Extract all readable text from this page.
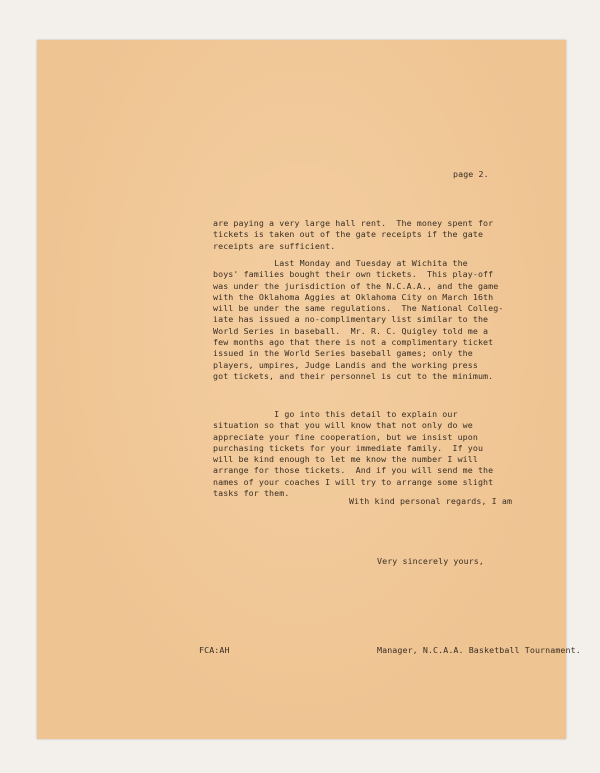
page 2.
are paying a very large hall rent.  The money spent for
tickets is taken out of the gate receipts if the gate
receipts are sufficient.
Last Monday and Tuesday at Wichita the
boys' families bought their own tickets.  This play-off
was under the jurisdiction of the N.C.A.A., and the game
with the Oklahoma Aggies at Oklahoma City on March 16th
will be under the same regulations.  The National Colleg-
iate has issued a no-complimentary list similar to the
World Series in baseball.  Mr. R. C. Quigley told me a
few months ago that there is not a complimentary ticket
issued in the World Series baseball games; only the
players, umpires, Judge Landis and the working press
got tickets, and their personnel is cut to the minimum.
I go into this detail to explain our
situation so that you will know that not only do we
appreciate your fine cooperation, but we insist upon
purchasing tickets for your immediate family.  If you
will be kind enough to let me know the number I will
arrange for those tickets.  And if you will send me the
names of your coaches I will try to arrange some slight
tasks for them.
With kind personal regards, I am
Very sincerely yours,
FCA:AH	Manager, N.C.A.A. Basketball Tournament.
